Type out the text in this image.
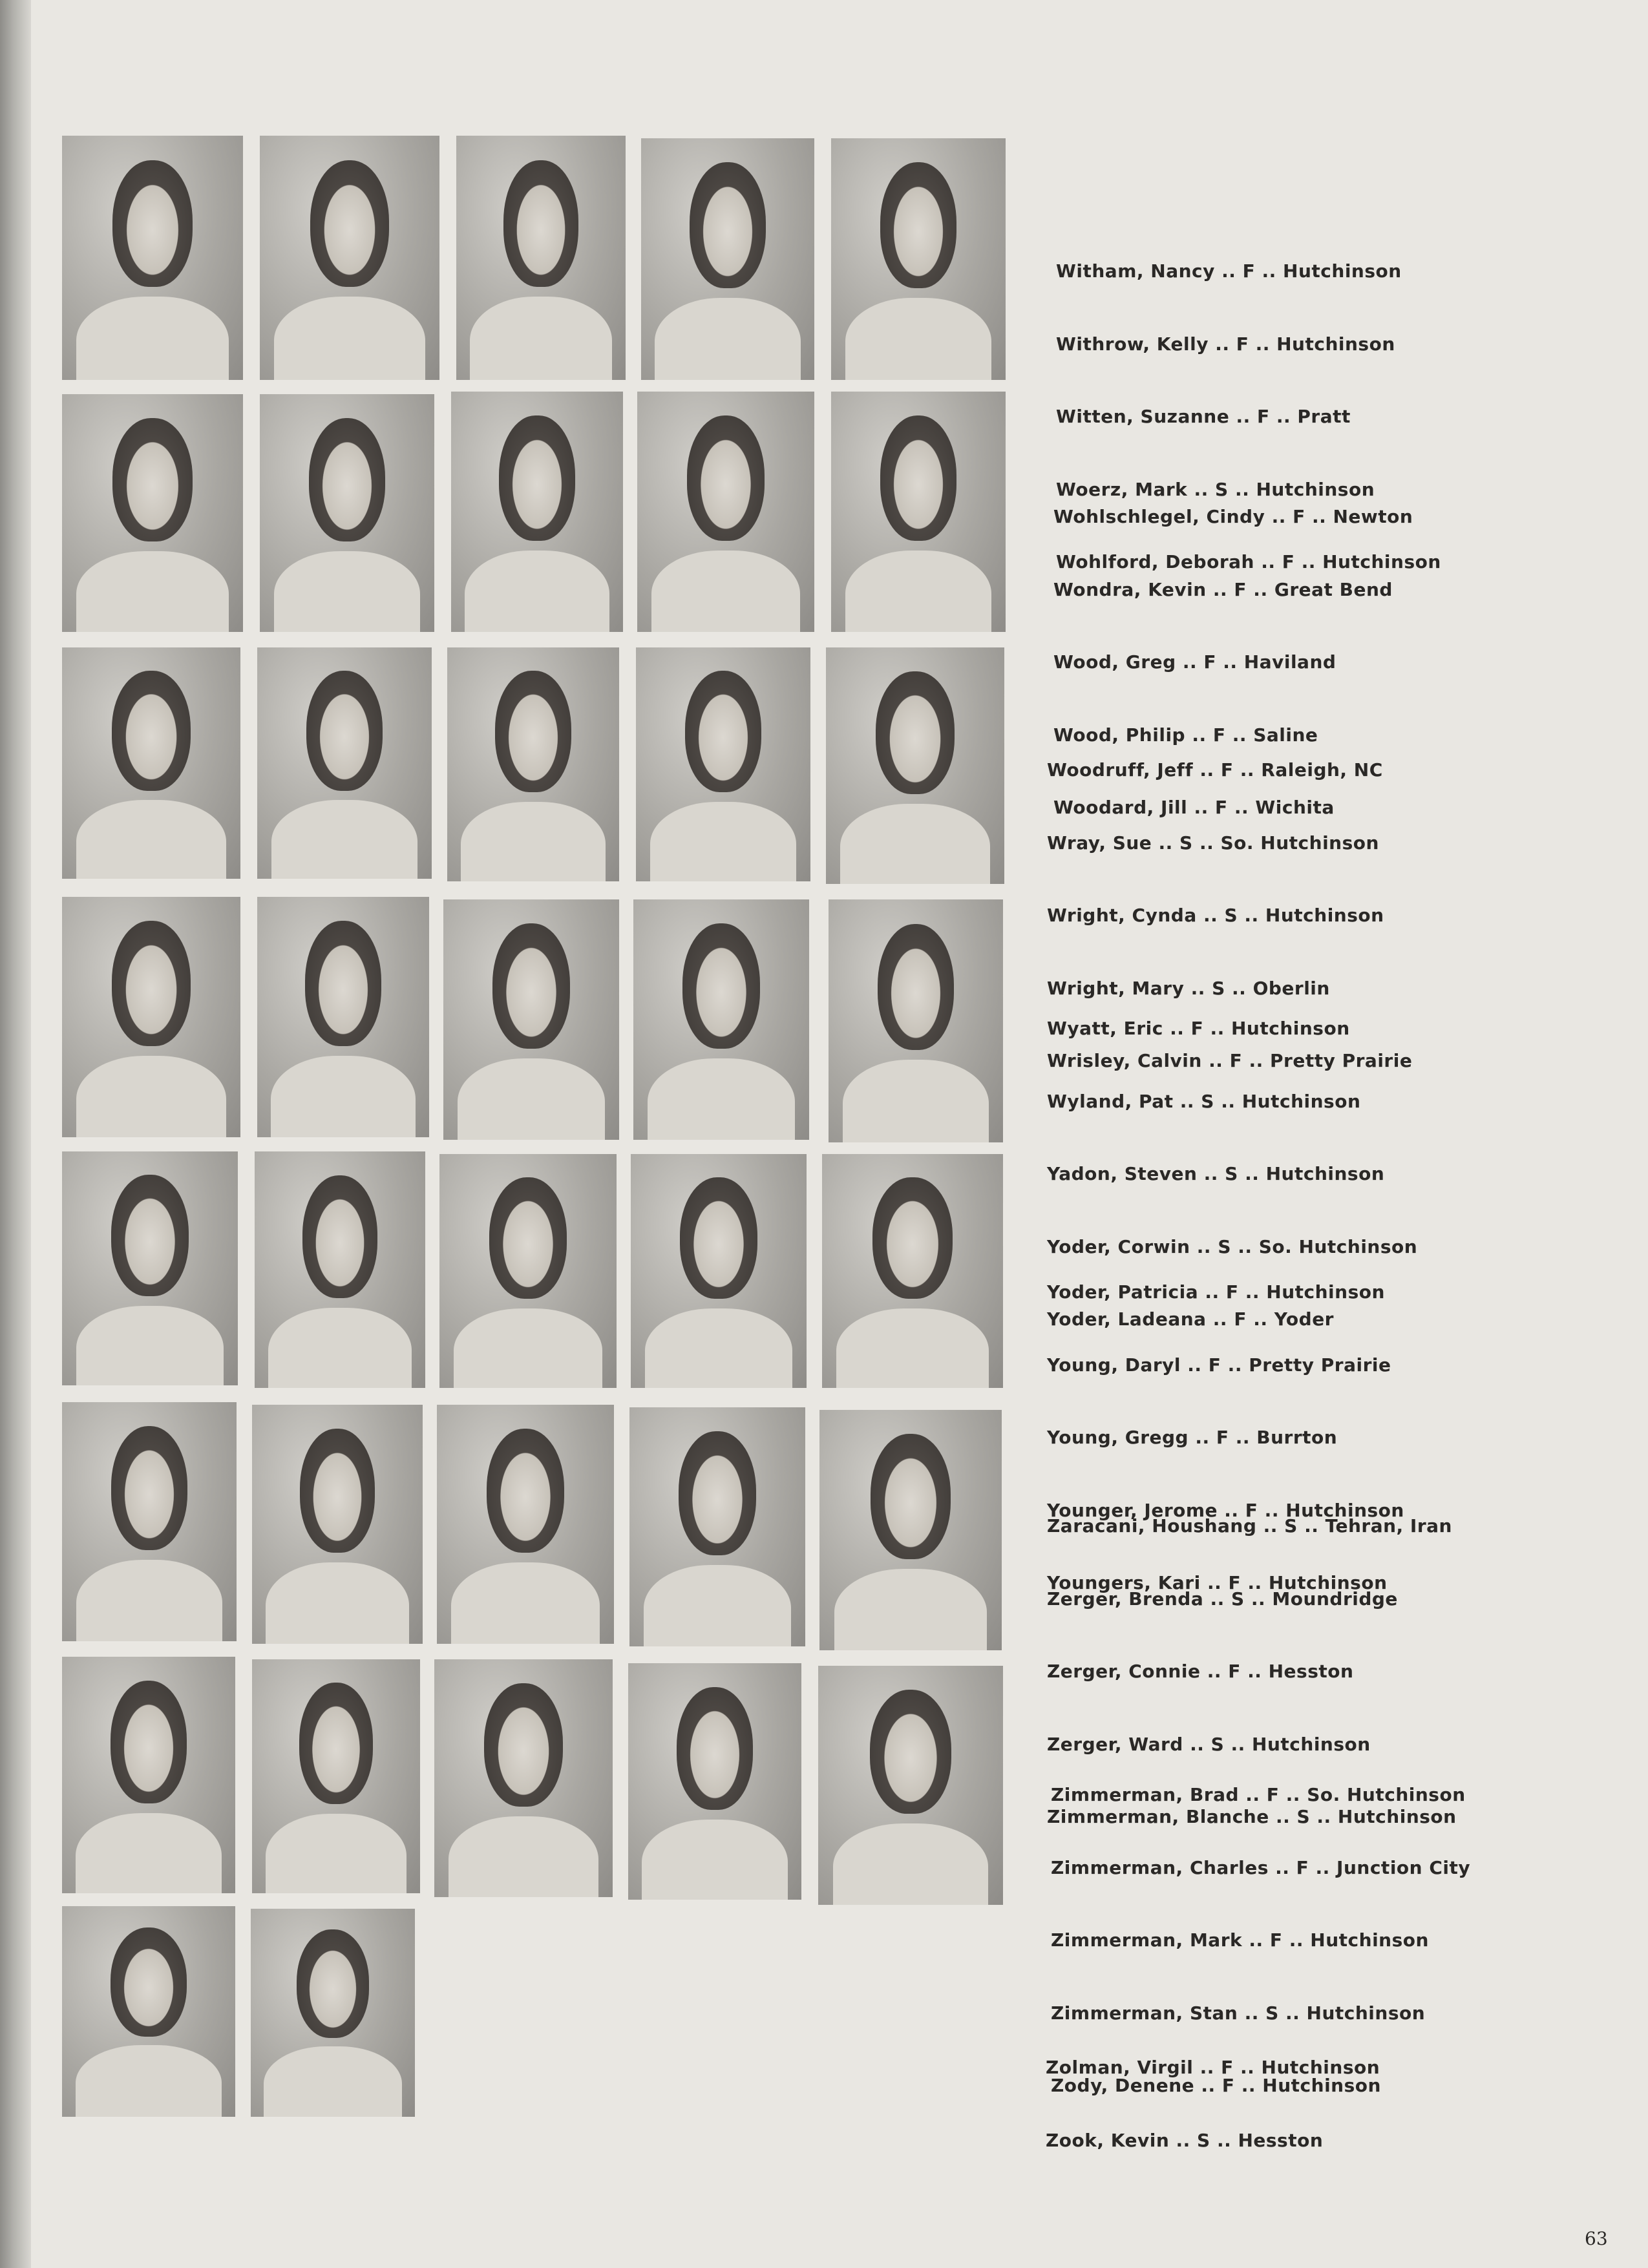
Witham, Nancy .. F .. Hutchinson

Withrow, Kelly .. F .. Hutchinson

Witten, Suzanne .. F .. Pratt

Woerz, Mark .. S .. Hutchinson

Wohlford, Deborah .. F .. Hutchinson

Wohlschlegel, Cindy .. F .. Newton

Wondra, Kevin .. F .. Great Bend

Wood, Greg .. F .. Haviland

Wood, Philip .. F .. Saline

Woodard, Jill .. F .. Wichita

Woodruff, Jeff .. F .. Raleigh, NC

Wray, Sue .. S .. So. Hutchinson

Wright, Cynda .. S .. Hutchinson

Wright, Mary .. S .. Oberlin

Wrisley, Calvin .. F .. Pretty Prairie

Wyatt, Eric .. F .. Hutchinson

Wyland, Pat .. S .. Hutchinson

Yadon, Steven .. S .. Hutchinson

Yoder, Corwin .. S .. So. Hutchinson

Yoder, Ladeana .. F .. Yoder

Yoder, Patricia .. F .. Hutchinson

Young, Daryl .. F .. Pretty Prairie

Young, Gregg .. F .. Burrton

Younger, Jerome .. F .. Hutchinson

Youngers, Kari .. F .. Hutchinson

Zaracani, Houshang .. S .. Tehran, Iran

Zerger, Brenda .. S .. Moundridge

Zerger, Connie .. F .. Hesston

Zerger, Ward .. S .. Hutchinson

Zimmerman, Blanche .. S .. Hutchinson

Zimmerman, Brad .. F .. So. Hutchinson

Zimmerman, Charles .. F .. Junction City

Zimmerman, Mark .. F .. Hutchinson

Zimmerman, Stan .. S .. Hutchinson

Zody, Denene .. F .. Hutchinson

Zolman, Virgil .. F .. Hutchinson

Zook, Kevin .. S .. Hesston

63
